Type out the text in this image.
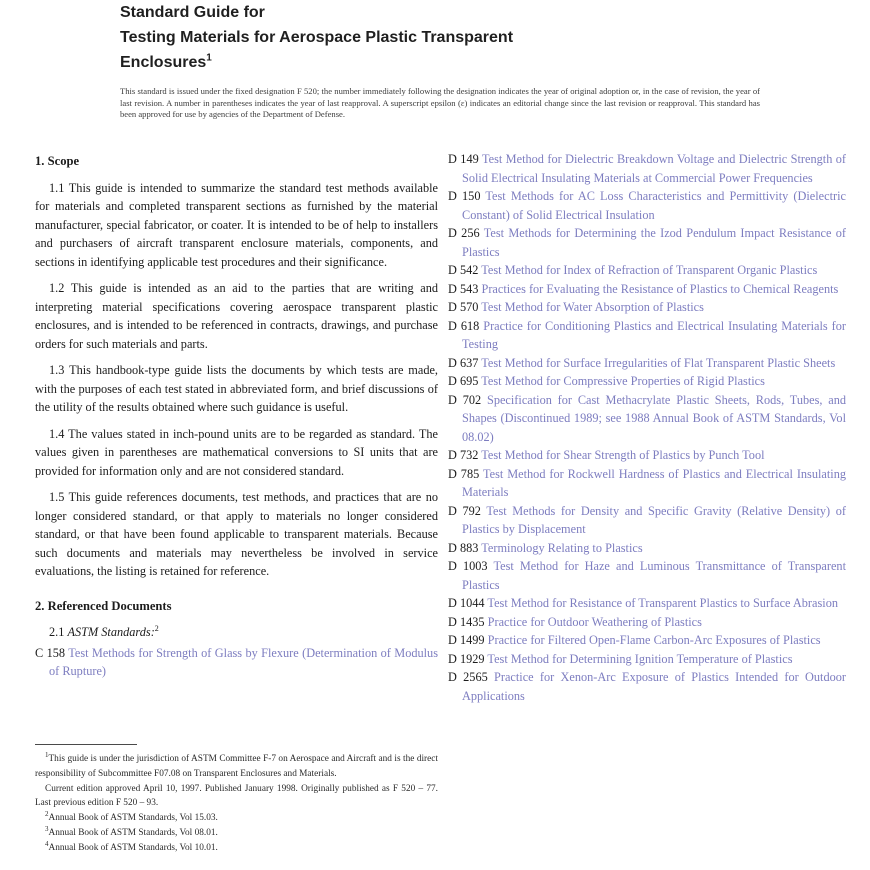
Standard Guide for
Testing Materials for Aerospace Plastic Transparent
Enclosures$^1$
This standard is issued under the fixed designation F 520; the number immediately following the designation indicates the year of original adoption or, in the case of revision, the year of last revision. A number in parentheses indicates the year of last reapproval. A superscript epsilon (ε) indicates an editorial change since the last revision or reapproval. This standard has been approved for use by agencies of the Department of Defense.

1. Scope

1.1 This guide is intended to summarize the standard test methods available for materials and completed transparent sections as furnished by the material manufacturer, special fabricator, or coater. It is intended to be of help to installers and purchasers of aircraft transparent enclosure materials, components, and sections in identifying applicable test procedures and their significance.

1.2 This guide is intended as an aid to the parties that are writing and interpreting material specifications covering aerospace transparent plastic enclosures, and is intended to be referenced in contracts, drawings, and purchase orders for such materials and parts.

1.3 This handbook-type guide lists the documents by which tests are made, with the purposes of each test stated in abbreviated form, and brief discussions of the utility of the results obtained where such guidance is useful.

1.4 The values stated in inch-pound units are to be regarded as standard. The values given in parentheses are mathematical conversions to SI units that are provided for information only and are not considered standard.

1.5 This guide references documents, test methods, and practices that are no longer considered standard, or that apply to materials no longer considered standard, or that have been found applicable to transparent materials. Because such documents and materials may nevertheless be involved in service evaluations, the listing is retained for reference.

2. Referenced Documents

2.1 ASTM Standards:$^2$

C 158 Test Methods for Strength of Glass by Flexure (Determination of Modulus of Rupture)

D 149 Test Method for Dielectric Breakdown Voltage and Dielectric Strength of Solid Electrical Insulating Materials at Commercial Power Frequencies

D 150 Test Methods for AC Loss Characteristics and Permittivity (Dielectric Constant) of Solid Electrical Insulation

D 256 Test Methods for Determining the Izod Pendulum Impact Resistance of Plastics

D 542 Test Method for Index of Refraction of Transparent Organic Plastics

D 543 Practices for Evaluating the Resistance of Plastics to Chemical Reagents

D 570 Test Method for Water Absorption of Plastics

D 618 Practice for Conditioning Plastics and Electrical Insulating Materials for Testing

D 637 Test Method for Surface Irregularities of Flat Transparent Plastic Sheets

D 695 Test Method for Compressive Properties of Rigid Plastics

D 702 Specification for Cast Methacrylate Plastic Sheets, Rods, Tubes, and Shapes (Discontinued 1989; see 1988 Annual Book of ASTM Standards, Vol 08.02)

D 732 Test Method for Shear Strength of Plastics by Punch Tool

D 785 Test Method for Rockwell Hardness of Plastics and Electrical Insulating Materials

D 792 Test Methods for Density and Specific Gravity (Relative Density) of Plastics by Displacement

D 883 Terminology Relating to Plastics

D 1003 Test Method for Haze and Luminous Transmittance of Transparent Plastics

D 1044 Test Method for Resistance of Transparent Plastics to Surface Abrasion

D 1435 Practice for Outdoor Weathering of Plastics

D 1499 Practice for Filtered Open-Flame Carbon-Arc Exposures of Plastics

D 1929 Test Method for Determining Ignition Temperature of Plastics

D 2565 Practice for Xenon-Arc Exposure of Plastics Intended for Outdoor Applications

$^1$This guide is under the jurisdiction of ASTM Committee F-7 on Aerospace and Aircraft and is the direct responsibility of Subcommittee F07.08 on Transparent Enclosures and Materials.

Current edition approved April 10, 1997. Published January 1998. Originally published as F 520 – 77. Last previous edition F 520 – 93.

$^2$Annual Book of ASTM Standards, Vol 15.03.

$^3$Annual Book of ASTM Standards, Vol 08.01.

$^4$Annual Book of ASTM Standards, Vol 10.01.
